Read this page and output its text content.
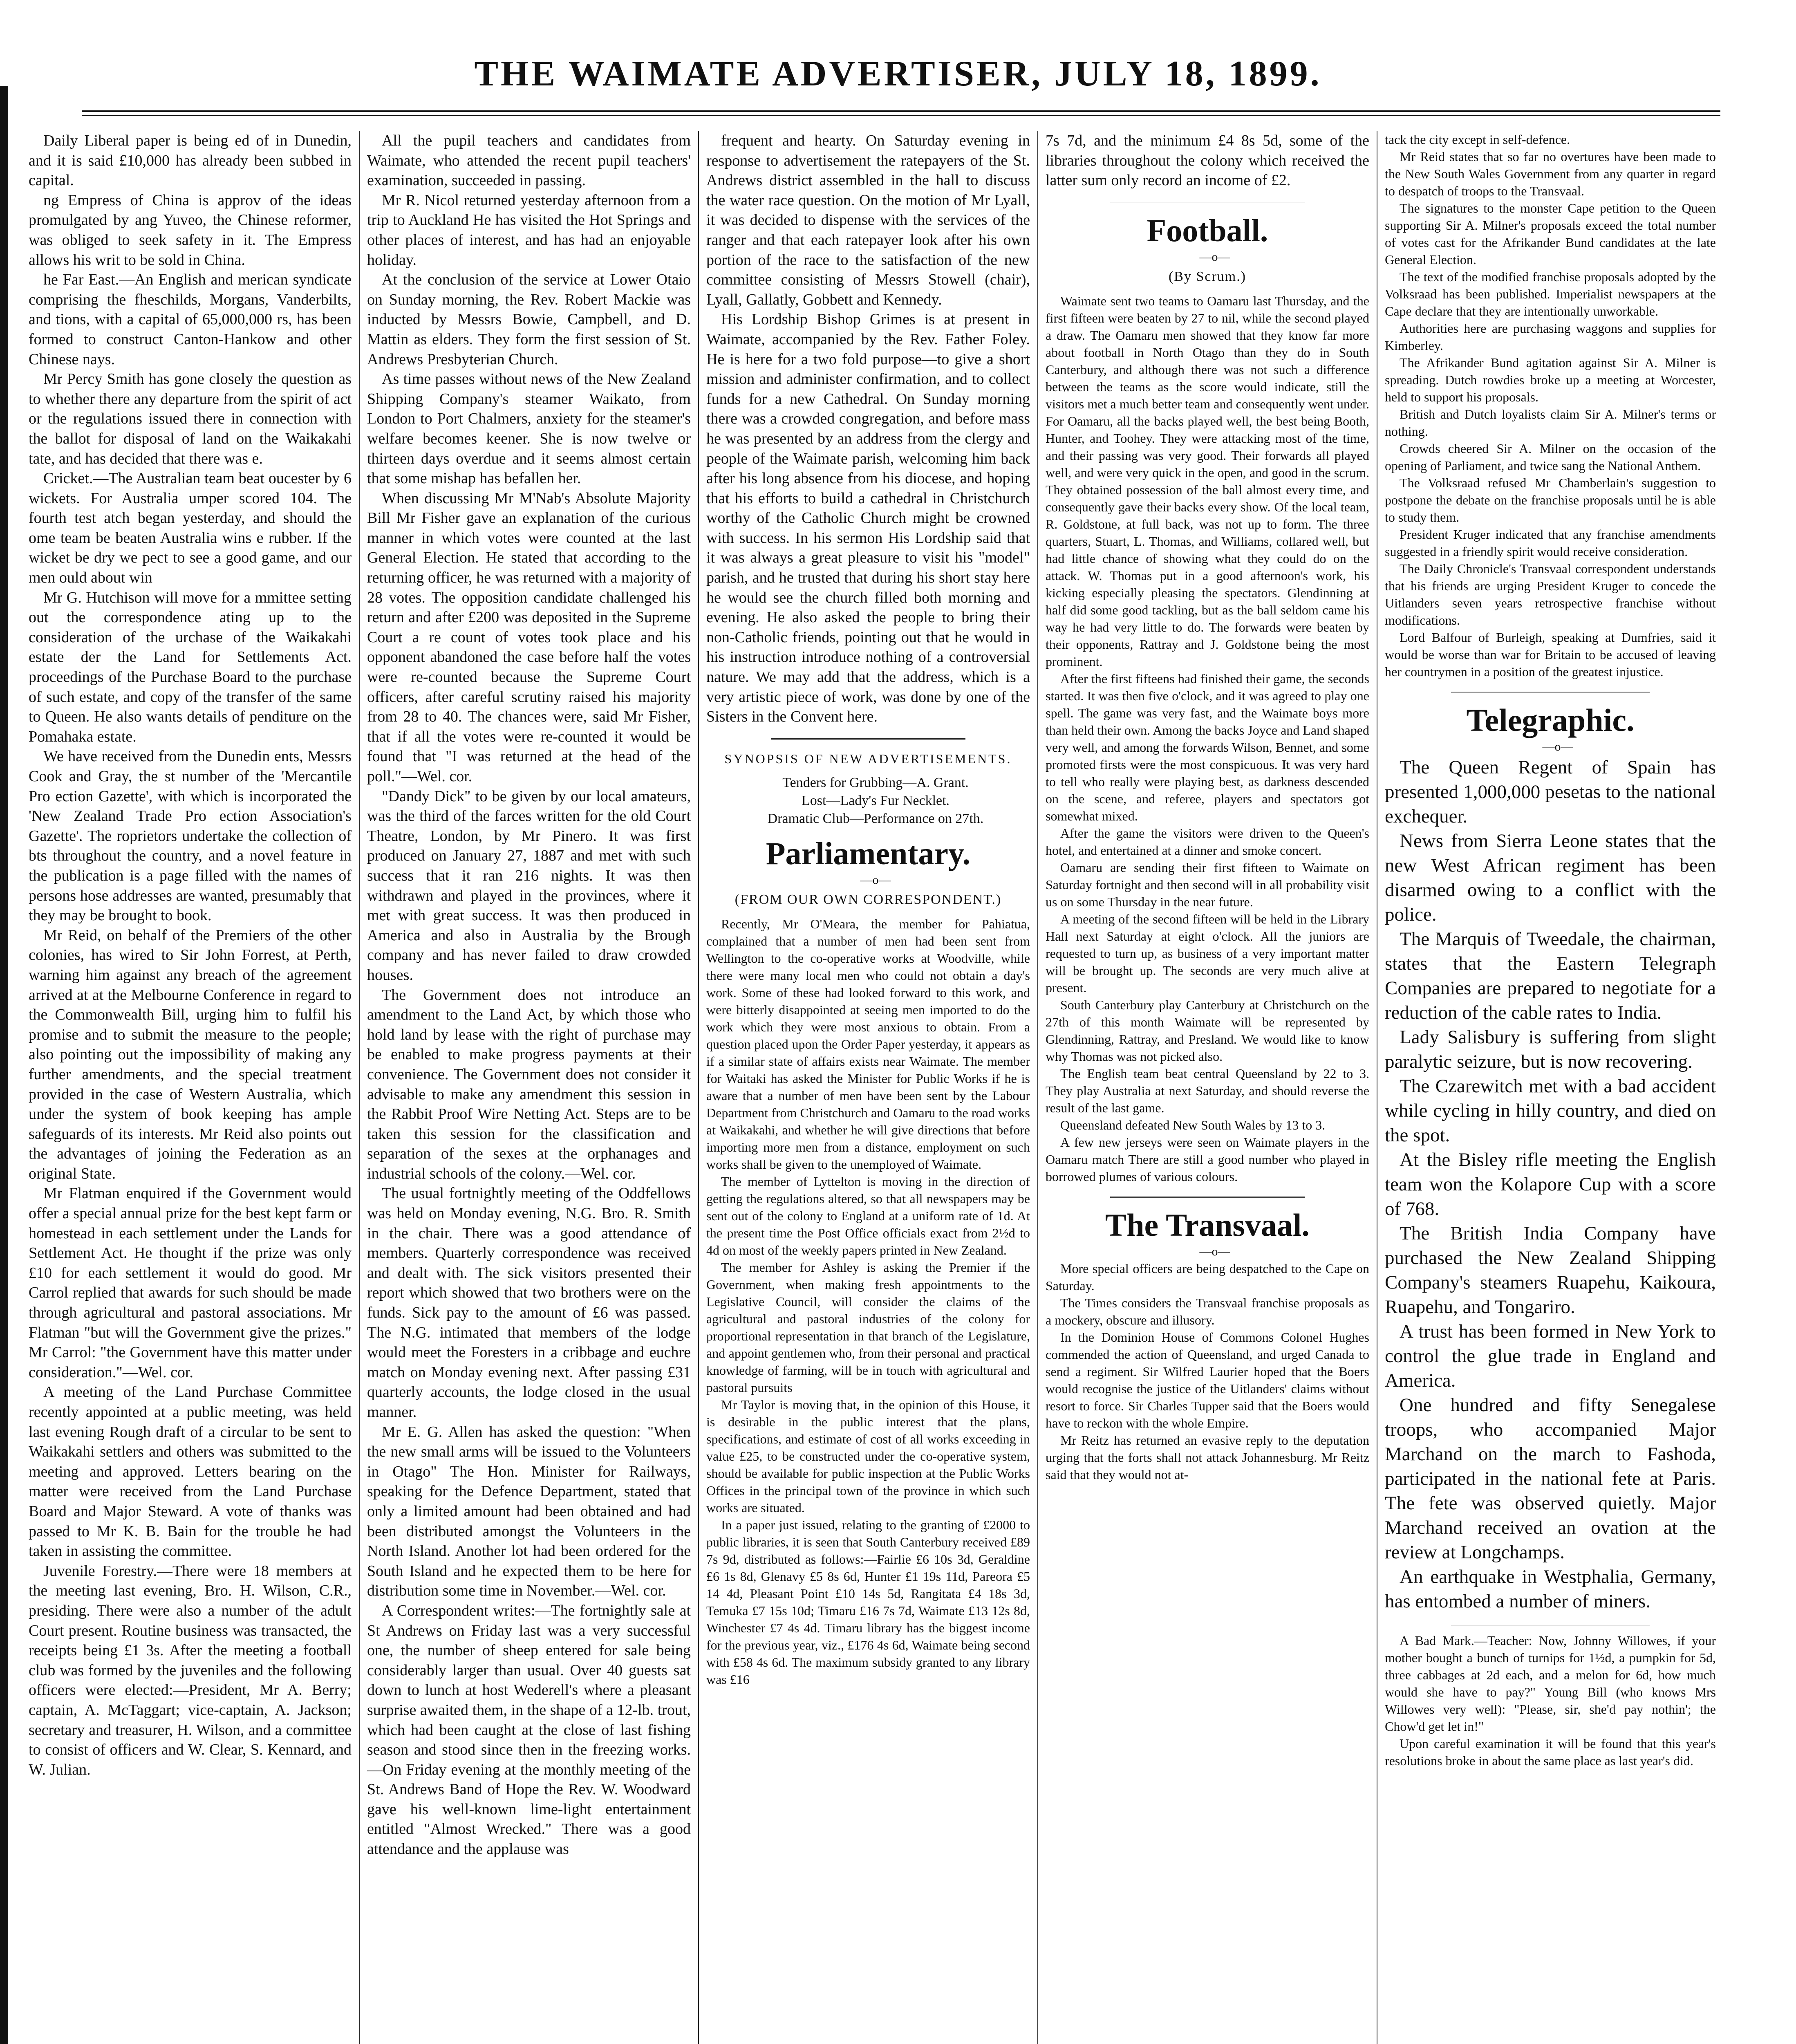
THE WAIMATE ADVERTISER, JULY 18, 1899.

Daily Liberal paper is being ed of in Dunedin, and it is said £10,000 has already been subbed in capital.

ng Empress of China is approv of the ideas promulgated by ang Yuveo, the Chinese reformer, was obliged to seek safety in it. The Empress allows his writ to be sold in China.

he Far East.—An English and merican syndicate comprising the fheschilds, Morgans, Vanderbilts, and tions, with a capital of 65,000,000 rs, has been formed to construct Canton-Hankow and other Chinese nays.

Mr Percy Smith has gone closely the question as to whether there any departure from the spirit of act or the regulations issued there in connection with the ballot for disposal of land on the Waikakahi tate, and has decided that there was e.

Cricket.—The Australian team beat oucester by 6 wickets. For Australia umper scored 104. The fourth test atch began yesterday, and should the ome team be beaten Australia wins e rubber. If the wicket be dry we pect to see a good game, and our men ould about win

Mr G. Hutchison will move for a mmittee setting out the correspondence ating up to the consideration of the urchase of the Waikakahi estate der the Land for Settlements Act. proceedings of the Purchase Board to the purchase of such estate, and copy of the transfer of the same to Queen. He also wants details of penditure on the Pomahaka estate.

We have received from the Dunedin ents, Messrs Cook and Gray, the st number of the 'Mercantile Pro ection Gazette', with which is incorporated the 'New Zealand Trade Pro ection Association's Gazette'. The roprietors undertake the collection of bts throughout the country, and a novel feature in the publication is a page filled with the names of persons hose addresses are wanted, presumably that they may be brought to book.

Mr Reid, on behalf of the Premiers of the other colonies, has wired to Sir John Forrest, at Perth, warning him against any breach of the agreement arrived at at the Melbourne Conference in regard to the Commonwealth Bill, urging him to fulfil his promise and to submit the measure to the people; also pointing out the impossibility of making any further amendments, and the special treatment provided in the case of Western Australia, which under the system of book keeping has ample safeguards of its interests. Mr Reid also points out the advantages of joining the Federation as an original State.

Mr Flatman enquired if the Government would offer a special annual prize for the best kept farm or homestead in each settlement under the Lands for Settlement Act. He thought if the prize was only £10 for each settlement it would do good. Mr Carrol replied that awards for such should be made through agricultural and pastoral associations. Mr Flatman "but will the Government give the prizes." Mr Carrol: "the Government have this matter under consideration."—Wel. cor.

A meeting of the Land Purchase Committee recently appointed at a public meeting, was held last evening Rough draft of a circular to be sent to Waikakahi settlers and others was submitted to the meeting and approved. Letters bearing on the matter were received from the Land Purchase Board and Major Steward. A vote of thanks was passed to Mr K. B. Bain for the trouble he had taken in assisting the committee.

Juvenile Forestry.—There were 18 members at the meeting last evening, Bro. H. Wilson, C.R., presiding. There were also a number of the adult Court present. Routine business was transacted, the receipts being £1 3s. After the meeting a football club was formed by the juveniles and the following officers were elected:—President, Mr A. Berry; captain, A. McTaggart; vice-captain, A. Jackson; secretary and treasurer, H. Wilson, and a committee to consist of officers and W. Clear, S. Kennard, and W. Julian.

All the pupil teachers and candidates from Waimate, who attended the recent pupil teachers' examination, succeeded in passing.

Mr R. Nicol returned yesterday afternoon from a trip to Auckland He has visited the Hot Springs and other places of interest, and has had an enjoyable holiday.

At the conclusion of the service at Lower Otaio on Sunday morning, the Rev. Robert Mackie was inducted by Messrs Bowie, Campbell, and D. Mattin as elders. They form the first session of St. Andrews Presbyterian Church.

As time passes without news of the New Zealand Shipping Company's steamer Waikato, from London to Port Chalmers, anxiety for the steamer's welfare becomes keener. She is now twelve or thirteen days overdue and it seems almost certain that some mishap has befallen her.

When discussing Mr M'Nab's Absolute Majority Bill Mr Fisher gave an explanation of the curious manner in which votes were counted at the last General Election. He stated that according to the returning officer, he was returned with a majority of 28 votes. The opposition candidate challenged his return and after £200 was deposited in the Supreme Court a re count of votes took place and his opponent abandoned the case before half the votes were re-counted because the Supreme Court officers, after careful scrutiny raised his majority from 28 to 40. The chances were, said Mr Fisher, that if all the votes were re-counted it would be found that "I was returned at the head of the poll."—Wel. cor.

"Dandy Dick" to be given by our local amateurs, was the third of the farces written for the old Court Theatre, London, by Mr Pinero. It was first produced on January 27, 1887 and met with such success that it ran 216 nights. It was then withdrawn and played in the provinces, where it met with great success. It was then produced in America and also in Australia by the Brough company and has never failed to draw crowded houses.

The Government does not introduce an amendment to the Land Act, by which those who hold land by lease with the right of purchase may be enabled to make progress payments at their convenience. The Government does not consider it advisable to make any amendment this session in the Rabbit Proof Wire Netting Act. Steps are to be taken this session for the classification and separation of the sexes at the orphanages and industrial schools of the colony.—Wel. cor.

The usual fortnightly meeting of the Oddfellows was held on Monday evening, N.G. Bro. R. Smith in the chair. There was a good attendance of members. Quarterly correspondence was received and dealt with. The sick visitors presented their report which showed that two brothers were on the funds. Sick pay to the amount of £6 was passed. The N.G. intimated that members of the lodge would meet the Foresters in a cribbage and euchre match on Monday evening next. After passing £31 quarterly accounts, the lodge closed in the usual manner.

Mr E. G. Allen has asked the question: "When the new small arms will be issued to the Volunteers in Otago" The Hon. Minister for Railways, speaking for the Defence Department, stated that only a limited amount had been obtained and had been distributed amongst the Volunteers in the North Island. Another lot had been ordered for the South Island and he expected them to be here for distribution some time in November.—Wel. cor.

A Correspondent writes:—The fortnightly sale at St Andrews on Friday last was a very successful one, the number of sheep entered for sale being considerably larger than usual. Over 40 guests sat down to lunch at host Wederell's where a pleasant surprise awaited them, in the shape of a 12-lb. trout, which had been caught at the close of last fishing season and stood since then in the freezing works.—On Friday evening at the monthly meeting of the St. Andrews Band of Hope the Rev. W. Woodward gave his well-known lime-light entertainment entitled "Almost Wrecked." There was a good attendance and the applause was

frequent and hearty. On Saturday evening in response to advertisement the ratepayers of the St. Andrews district assembled in the hall to discuss the water race question. On the motion of Mr Lyall, it was decided to dispense with the services of the ranger and that each ratepayer look after his own portion of the race to the satisfaction of the new committee consisting of Messrs Stowell (chair), Lyall, Gallatly, Gobbett and Kennedy.

His Lordship Bishop Grimes is at present in Waimate, accompanied by the Rev. Father Foley. He is here for a two fold purpose—to give a short mission and administer confirmation, and to collect funds for a new Cathedral. On Sunday morning there was a crowded congregation, and before mass he was presented by an address from the clergy and people of the Waimate parish, welcoming him back after his long absence from his diocese, and hoping that his efforts to build a cathedral in Christchurch worthy of the Catholic Church might be crowned with success. In his sermon His Lordship said that it was always a great pleasure to visit his "model" parish, and he trusted that during his short stay here he would see the church filled both morning and evening. He also asked the people to bring their non-Catholic friends, pointing out that he would in his instruction introduce nothing of a controversial nature. We may add that the address, which is a very artistic piece of work, was done by one of the Sisters in the Convent here.

SYNOPSIS OF NEW ADVERTISEMENTS.

Tenders for Grubbing—A. Grant.

Lost—Lady's Fur Necklet.

Dramatic Club—Performance on 27th.

Parliamentary.

—o—

(FROM OUR OWN CORRESPONDENT.)

Recently, Mr O'Meara, the member for Pahiatua, complained that a number of men had been sent from Wellington to the co-operative works at Woodville, while there were many local men who could not obtain a day's work. Some of these had looked forward to this work, and were bitterly disappointed at seeing men imported to do the work which they were most anxious to obtain. From a question placed upon the Order Paper yesterday, it appears as if a similar state of affairs exists near Waimate. The member for Waitaki has asked the Minister for Public Works if he is aware that a number of men have been sent by the Labour Department from Christchurch and Oamaru to the road works at Waikakahi, and whether he will give directions that before importing more men from a distance, employment on such works shall be given to the unemployed of Waimate.

The member of Lyttelton is moving in the direction of getting the regulations altered, so that all newspapers may be sent out of the colony to England at a uniform rate of 1d. At the present time the Post Office officials exact from 2½d to 4d on most of the weekly papers printed in New Zealand.

The member for Ashley is asking the Premier if the Government, when making fresh appointments to the Legislative Council, will consider the claims of the agricultural and pastoral industries of the colony for proportional representation in that branch of the Legislature, and appoint gentlemen who, from their personal and practical knowledge of farming, will be in touch with agricultural and pastoral pursuits

Mr Taylor is moving that, in the opinion of this House, it is desirable in the public interest that the plans, specifications, and estimate of cost of all works exceeding in value £25, to be constructed under the co-operative system, should be available for public inspection at the Public Works Offices in the principal town of the province in which such works are situated.

In a paper just issued, relating to the granting of £2000 to public libraries, it is seen that South Canterbury received £89 7s 9d, distributed as follows:—Fairlie £6 10s 3d, Geraldine £6 1s 8d, Glenavy £5 8s 6d, Hunter £1 19s 11d, Pareora £5 14 4d, Pleasant Point £10 14s 5d, Rangitata £4 18s 3d, Temuka £7 15s 10d; Timaru £16 7s 7d, Waimate £13 12s 8d, Winchester £7 4s 4d. Timaru library has the biggest income for the previous year, viz., £176 4s 6d, Waimate being second with £58 4s 6d. The maximum subsidy granted to any library was £16

7s 7d, and the minimum £4 8s 5d, some of the libraries throughout the colony which received the latter sum only record an income of £2.

Football.

—o—

(By Scrum.)

Waimate sent two teams to Oamaru last Thursday, and the first fifteen were beaten by 27 to nil, while the second played a draw. The Oamaru men showed that they know far more about football in North Otago than they do in South Canterbury, and although there was not such a difference between the teams as the score would indicate, still the visitors met a much better team and consequently went under. For Oamaru, all the backs played well, the best being Booth, Hunter, and Toohey. They were attacking most of the time, and their passing was very good. Their forwards all played well, and were very quick in the open, and good in the scrum. They obtained possession of the ball almost every time, and consequently gave their backs every show. Of the local team, R. Goldstone, at full back, was not up to form. The three quarters, Stuart, L. Thomas, and Williams, collared well, but had little chance of showing what they could do on the attack. W. Thomas put in a good afternoon's work, his kicking especially pleasing the spectators. Glendinning at half did some good tackling, but as the ball seldom came his way he had very little to do. The forwards were beaten by their opponents, Rattray and J. Goldstone being the most prominent.

After the first fifteens had finished their game, the seconds started. It was then five o'clock, and it was agreed to play one spell. The game was very fast, and the Waimate boys more than held their own. Among the backs Joyce and Land shaped very well, and among the forwards Wilson, Bennet, and some promoted firsts were the most conspicuous. It was very hard to tell who really were playing best, as darkness descended on the scene, and referee, players and spectators got somewhat mixed.

After the game the visitors were driven to the Queen's hotel, and entertained at a dinner and smoke concert.

Oamaru are sending their first fifteen to Waimate on Saturday fortnight and then second will in all probability visit us on some Thursday in the near future.

A meeting of the second fifteen will be held in the Library Hall next Saturday at eight o'clock. All the juniors are requested to turn up, as business of a very important matter will be brought up. The seconds are very much alive at present.

South Canterbury play Canterbury at Christchurch on the 27th of this month Waimate will be represented by Glendinning, Rattray, and Presland. We would like to know why Thomas was not picked also.

The English team beat central Queensland by 22 to 3. They play Australia at next Saturday, and should reverse the result of the last game.

Queensland defeated New South Wales by 13 to 3.

A few new jerseys were seen on Waimate players in the Oamaru match There are still a good number who played in borrowed plumes of various colours.

The Transvaal.

—o—

More special officers are being despatched to the Cape on Saturday.

The Times considers the Transvaal franchise proposals as a mockery, obscure and illusory.

In the Dominion House of Commons Colonel Hughes commended the action of Queensland, and urged Canada to send a regiment. Sir Wilfred Laurier hoped that the Boers would recognise the justice of the Uitlanders' claims without resort to force. Sir Charles Tupper said that the Boers would have to reckon with the whole Empire.

Mr Reitz has returned an evasive reply to the deputation urging that the forts shall not attack Johannesburg. Mr Reitz said that they would not at-

tack the city except in self-defence.

Mr Reid states that so far no overtures have been made to the New South Wales Government from any quarter in regard to despatch of troops to the Transvaal.

The signatures to the monster Cape petition to the Queen supporting Sir A. Milner's proposals exceed the total number of votes cast for the Afrikander Bund candidates at the late General Election.

The text of the modified franchise proposals adopted by the Volksraad has been published. Imperialist newspapers at the Cape declare that they are intentionally unworkable.

Authorities here are purchasing waggons and supplies for Kimberley.

The Afrikander Bund agitation against Sir A. Milner is spreading. Dutch rowdies broke up a meeting at Worcester, held to support his proposals.

British and Dutch loyalists claim Sir A. Milner's terms or nothing.

Crowds cheered Sir A. Milner on the occasion of the opening of Parliament, and twice sang the National Anthem.

The Volksraad refused Mr Chamberlain's suggestion to postpone the debate on the franchise proposals until he is able to study them.

President Kruger indicated that any franchise amendments suggested in a friendly spirit would receive consideration.

The Daily Chronicle's Transvaal correspondent understands that his friends are urging President Kruger to concede the Uitlanders seven years retrospective franchise without modifications.

Lord Balfour of Burleigh, speaking at Dumfries, said it would be worse than war for Britain to be accused of leaving her countrymen in a position of the greatest injustice.

Telegraphic.

—o—

The Queen Regent of Spain has presented 1,000,000 pesetas to the national exchequer.

News from Sierra Leone states that the new West African regiment has been disarmed owing to a conflict with the police.

The Marquis of Tweedale, the chairman, states that the Eastern Telegraph Companies are prepared to negotiate for a reduction of the cable rates to India.

Lady Salisbury is suffering from slight paralytic seizure, but is now recovering.

The Czarewitch met with a bad accident while cycling in hilly country, and died on the spot.

At the Bisley rifle meeting the English team won the Kolapore Cup with a score of 768.

The British India Company have purchased the New Zealand Shipping Company's steamers Ruapehu, Kaikoura, Ruapehu, and Tongariro.

A trust has been formed in New York to control the glue trade in England and America.

One hundred and fifty Senegalese troops, who accompanied Major Marchand on the march to Fashoda, participated in the national fete at Paris. The fete was observed quietly. Major Marchand received an ovation at the review at Longchamps.

An earthquake in Westphalia, Germany, has entombed a number of miners.

A Bad Mark.—Teacher: Now, Johnny Willowes, if your mother bought a bunch of turnips for 1½d, a pumpkin for 5d, three cabbages at 2d each, and a melon for 6d, how much would she have to pay?" Young Bill (who knows Mrs Willowes very well): "Please, sir, she'd pay nothin'; the Chow'd get let in!"

Upon careful examination it will be found that this year's resolutions broke in about the same place as last year's did.
